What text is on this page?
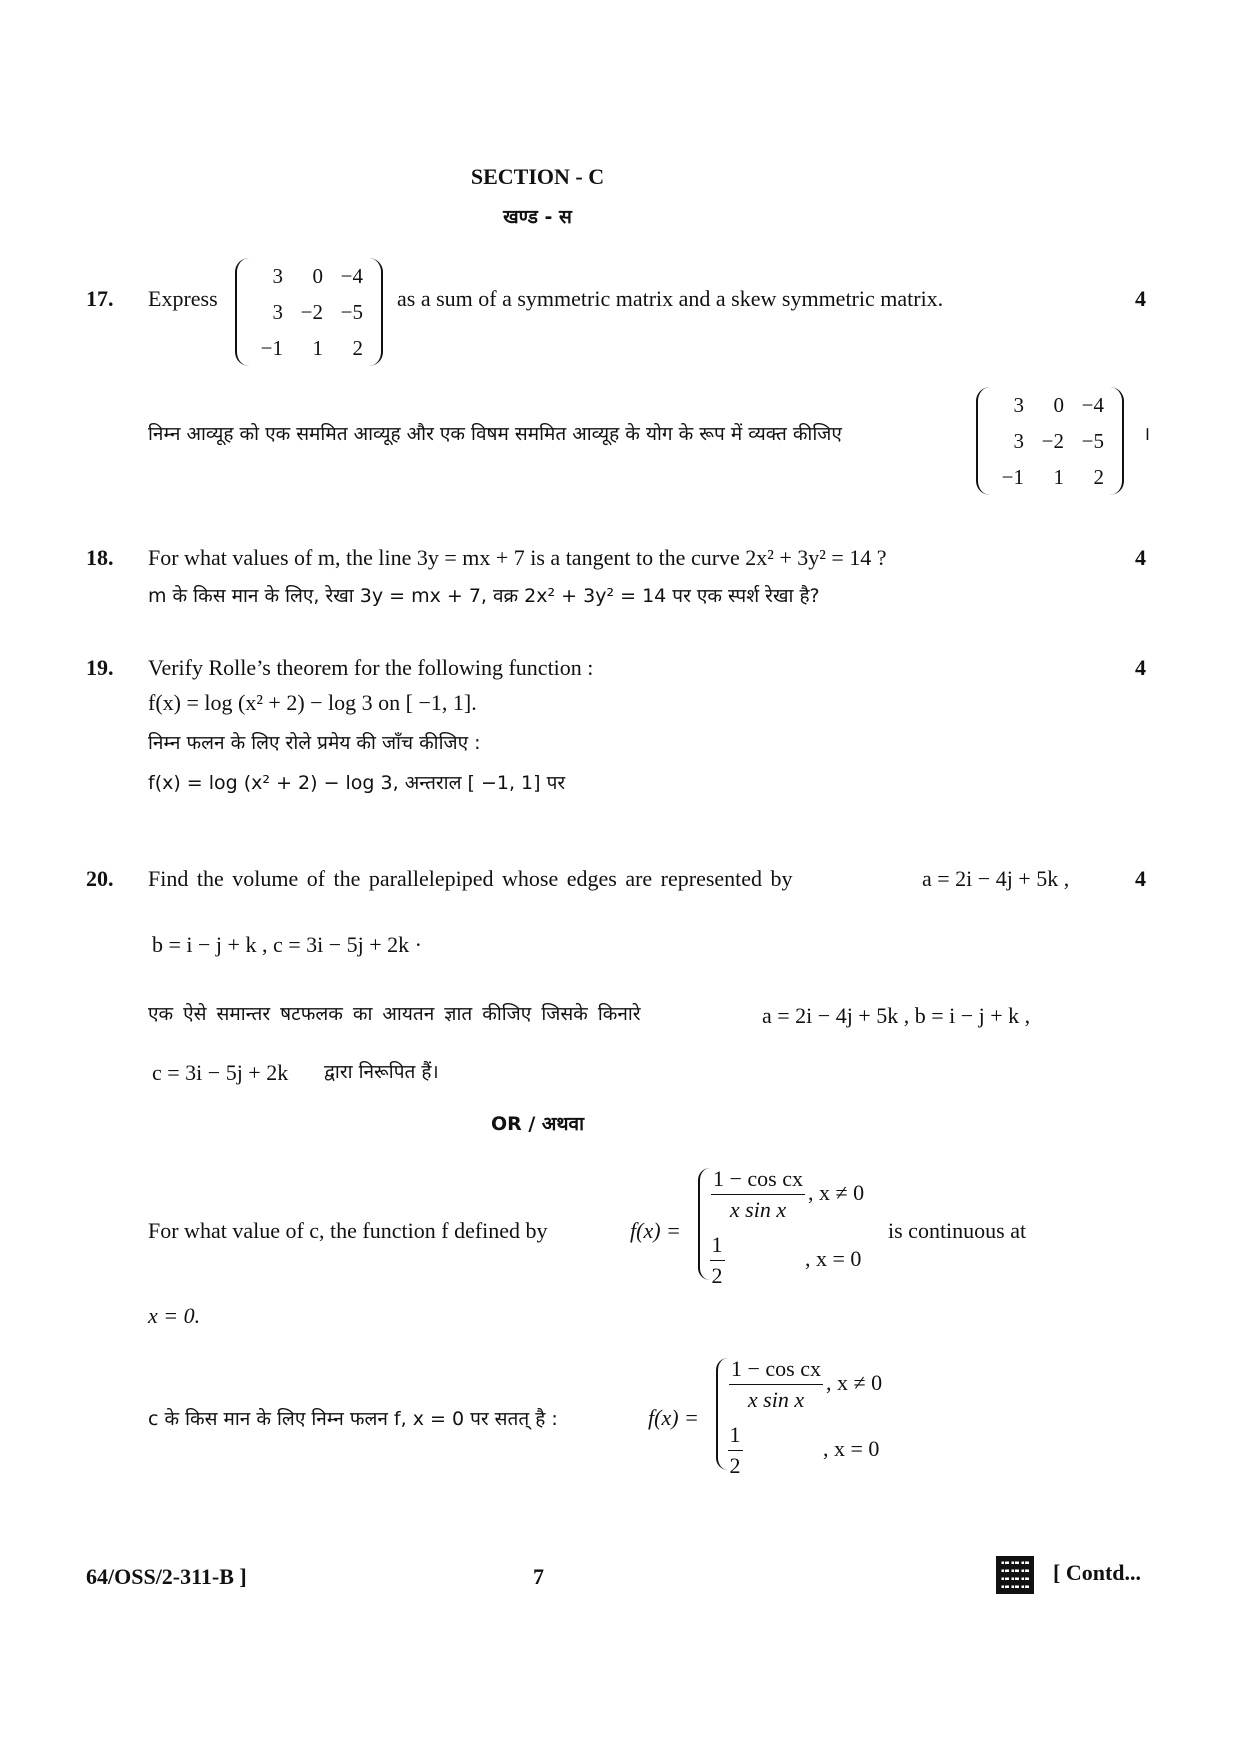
SECTION - C
खण्ड - स
17. Express
3	0 −4
3 −2 −5
−1	1	2
as a sum of a symmetric matrix and a skew symmetric matrix.	4
निम्न आव्यूह को एक सममित आव्यूह और एक विषम सममित आव्यूह के योग के रूप में व्यक्त कीजिए
3	0 −4
3 −2 −5
−1	1	2
।
18. For what values of m, the line 3y = mx + 7 is a tangent to the curve 2x² + 3y² = 14 ?	4
m के किस मान के लिए, रेखा 3y = mx + 7, वक्र 2x² + 3y² = 14 पर एक स्पर्श रेखा है?
19. Verify Rolle’s theorem for the following function :	4
f(x) = log (x² + 2) − log 3 on [ −1, 1].
निम्न फलन के लिए रोले प्रमेय की जाँच कीजिए :
f(x) = log (x² + 2) − log 3, अन्तराल [ −1, 1] पर
20. Find the volume of the parallelepiped whose edges are represented by	a = 2i − 4j + 5k ,	4
b = i − j + k , c = 3i − 5j + 2k ·
एक ऐसे समान्तर षटफलक का आयतन ज्ञात कीजिए जिसके किनारे	a = 2i − 4j + 5k , b = i − j + k ,
c = 3i − 5j + 2k द्वारा निरूपित हैं।
OR / अथवा
For what value of c, the function f defined by	f(x) =
$\frac{\text{1 − cos cx}}{\text{x sin x}}$
, x ≠ 0
$\frac{1}{2}$	, x = 0
is continuous at
x = 0.
c के किस मान के लिए निम्न फलन f, x = 0 पर सतत् है :	f(x) =
$\frac{\text{1 − cos cx}}{\text{x sin x}}$
, x ≠ 0
$\frac{1}{2}$	, x = 0
64/OSS/2-311-B ]	7	[ Contd...
